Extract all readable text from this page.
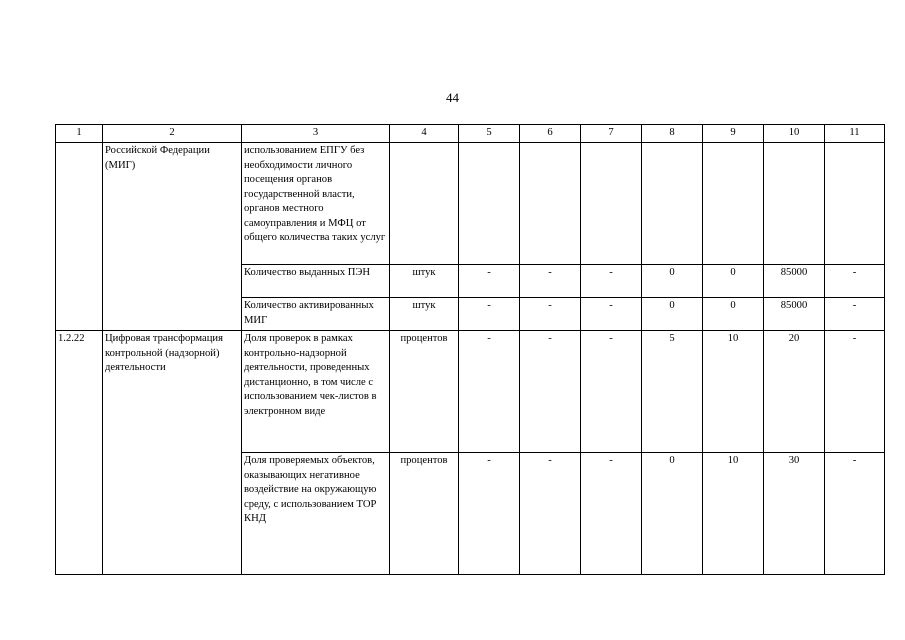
44
1	2	3	4	5	6	7	8	9	10	11
	Российской Федерации (МИГ)	использованием ЕПГУ без необходимости личного посещения органов государственной власти, органов местного самоуправления и МФЦ от общего количества таких услуг								
		Количество выданных ПЭН	штук	-	-	-	0	0	85000	-
		Количество активированных МИГ	штук	-	-	-	0	0	85000	-
1.2.22	Цифровая трансформация контрольной (надзорной) деятельности	Доля проверок в рамках контрольно-надзорной деятельности, проведенных дистанционно, в том числе с использованием чек-листов в электронном виде	процентов	-	-	-	5	10	20	-
		Доля проверяемых объектов, оказывающих негативное воздействие на окружающую среду, с использованием ТОР КНД	процентов	-	-	-	0	10	30	-
